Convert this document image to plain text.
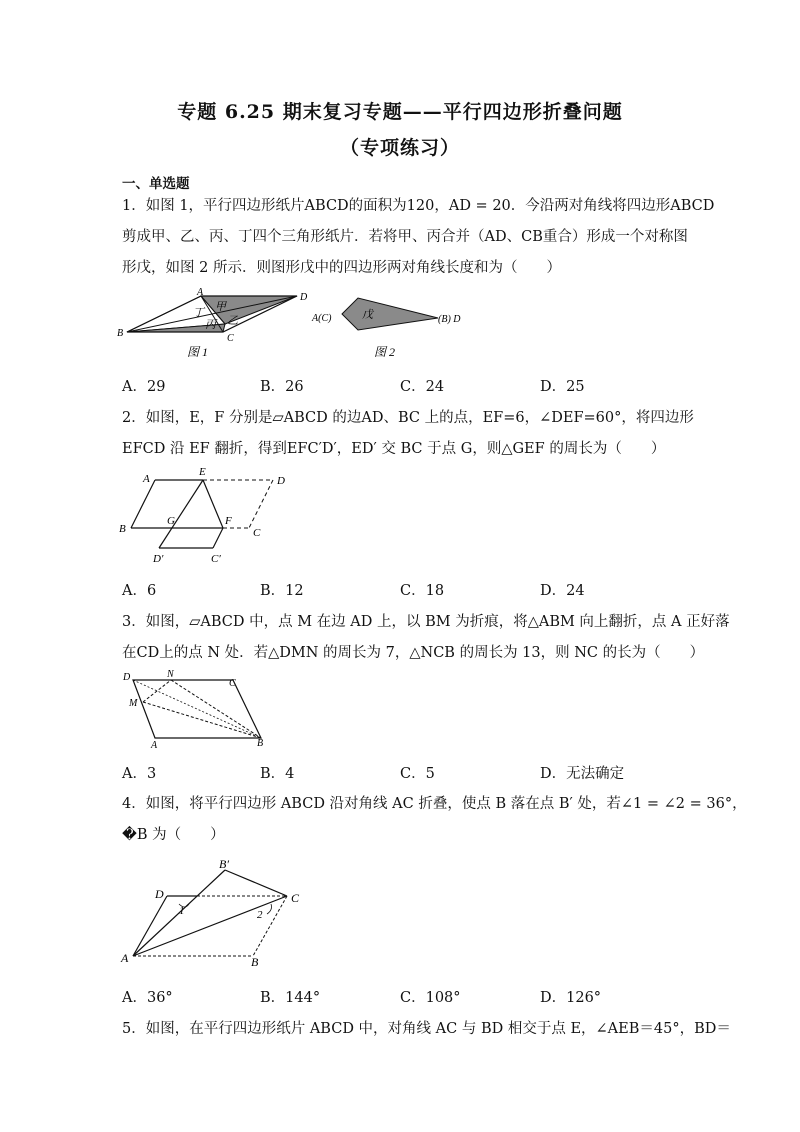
专题 6.25 期末复习专题——平行四边形折叠问题
（专项练习）
一、单选题
1．如图 1，平行四边形纸片ABCD的面积为120，AD = 20．今沿两对角线将四边形ABCD
剪成甲、乙、丙、丁四个三角形纸片．若将甲、丙合并（AD、CB重合）形成一个对称图
形戊，如图 2 所示．则图形戊中的四边形两对角线长度和为（　　）
A
B	C
D
甲
乙
丙
丁
图 1
A(C)	(B) D
戊
图 2
A．29	B．26	C．24	D．25
2．如图，E，F 分别是▱ABCD 的边AD、BC 上的点，EF=6，∠DEF=60°，将四边形
EFCD 沿 EF 翻折，得到EFC′D′，ED′ 交 BC 于点 G，则△GEF 的周长为（　　）
A
B	C
D
E
F
G
D′	C′
A．6	B．12	C．18	D．24
3．如图，▱ABCD 中，点 M 在边 AD 上，以 BM 为折痕，将△ABM 向上翻折，点 A 正好落
在CD上的点 N 处．若△DMN 的周长为 7，△NCB 的周长为 13，则 NC 的长为（　　）
D	N
C
M
A	B
A．3	B．4	C．5	D．无法确定
4．如图，将平行四边形 ABCD 沿对角线 AC 折叠，使点 B 落在点 B′ 处，若∠1 = ∠2 = 36°，
�B 为（　　）
D
B′
C
A	B
1	2
A．36°	B．144°	C．108°	D．126°
5．如图，在平行四边形纸片 ABCD 中，对角线 AC 与 BD 相交于点 E，∠AEB＝45°，BD＝
